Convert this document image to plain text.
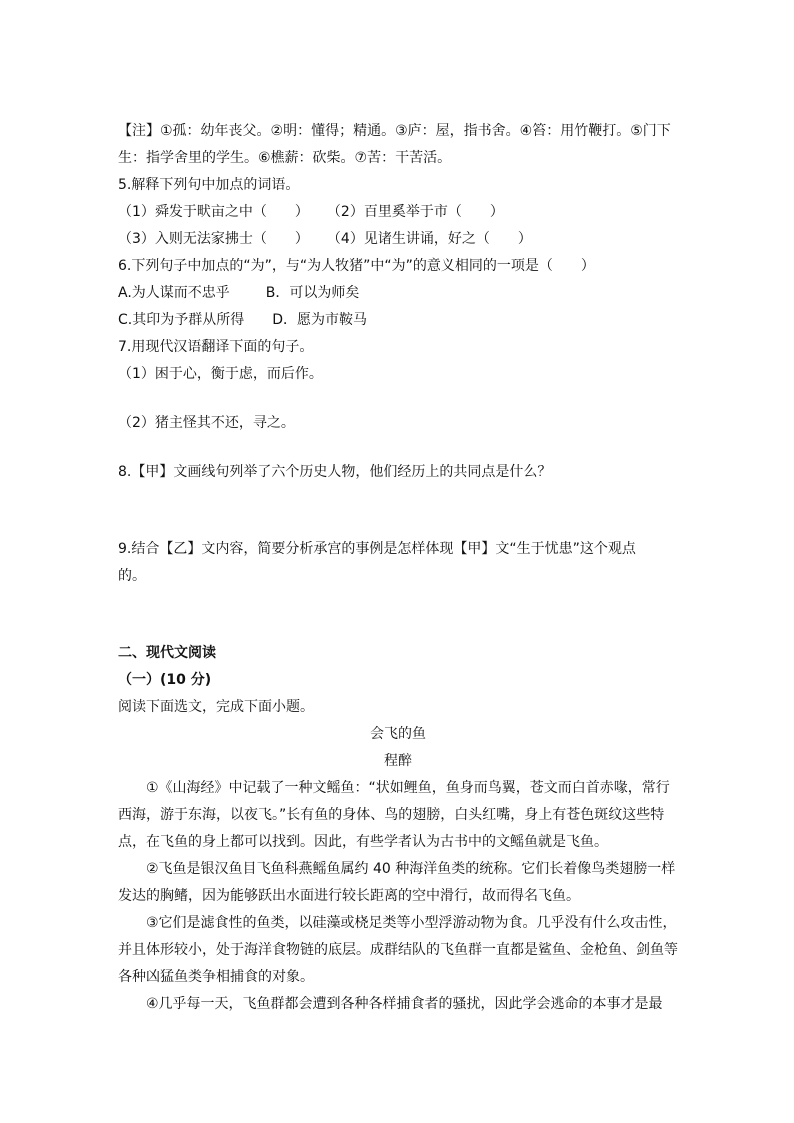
【注】①孤：幼年丧父。②明：懂得；精通。③庐：屋，指书舍。④笞：用竹鞭打。⑤门下生：指学舍里的学生。⑥樵薪：砍柴。⑦苦：干苦活。
5.解释下列句中加点的词语。
（1）舜发于畎亩之中（　　） （2）百里奚举于市（　　）
（3）入则无法家拂士（　　） （4）见诸生讲诵，好之（　　）
6.下列句子中加点的“为”，与“为人牧猪”中“为”的意义相同的一项是（　　）
A.为人谋而不忠乎	B．可以为师矣
C.其印为予群从所得 D．愿为市鞍马
7.用现代汉语翻译下面的句子。
（1）困于心，衡于虑，而后作。
（2）猪主怪其不还，寻之。
8.【甲】文画线句列举了六个历史人物，他们经历上的共同点是什么？
9.结合【乙】文内容，简要分析承宫的事例是怎样体现【甲】文“生于忧患”这个观点
的。
二、现代文阅读
（一）(10 分)
阅读下面选文，完成下面小题。
会飞的鱼
程醉
①《山海经》中记载了一种文鳐鱼：“状如鲤鱼，鱼身而鸟翼，苍文而白首赤喙，常行西海，游于东海，以夜飞。”长有鱼的身体、鸟的翅膀，白头红嘴，身上有苍色斑纹这些特点，在飞鱼的身上都可以找到。因此，有些学者认为古书中的文鳐鱼就是飞鱼。
②飞鱼是银汉鱼目飞鱼科燕鳐鱼属约 40 种海洋鱼类的统称。它们长着像鸟类翅膀一样发达的胸鳍，因为能够跃出水面进行较长距离的空中滑行，故而得名飞鱼。
③它们是滤食性的鱼类，以硅藻或桡足类等小型浮游动物为食。几乎没有什么攻击性，并且体形较小，处于海洋食物链的底层。成群结队的飞鱼群一直都是鲨鱼、金枪鱼、剑鱼等各种凶猛鱼类争相捕食的对象。
④几乎每一天，飞鱼群都会遭到各种各样捕食者的骚扰，因此学会逃命的本事才是最
